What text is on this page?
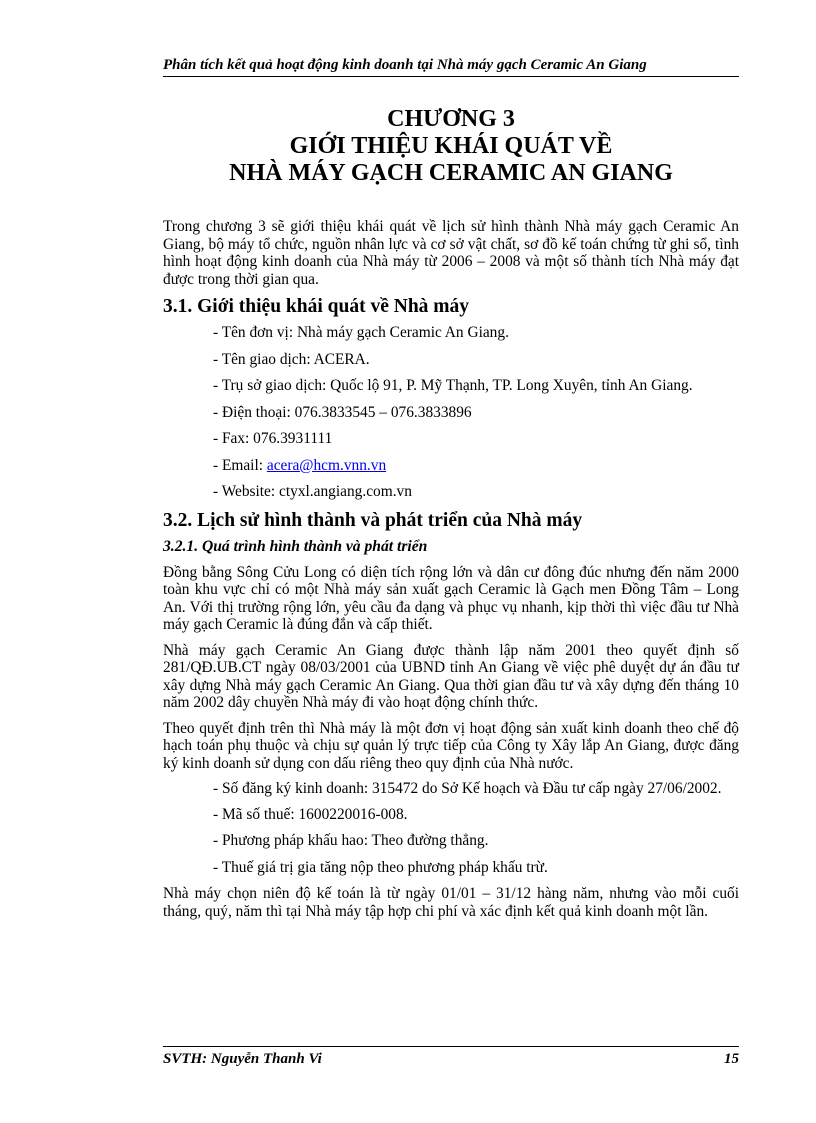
Phân tích kết quả hoạt động kinh doanh tại Nhà máy gạch Ceramic An Giang
CHƯƠNG 3
GIỚI THIỆU KHÁI QUÁT VỀ
NHÀ MÁY GẠCH CERAMIC AN GIANG

Trong chương 3 sẽ giới thiệu khái quát về lịch sử hình thành Nhà máy gạch Ceramic An Giang, bộ máy tổ chức, nguồn nhân lực và cơ sở vật chất, sơ đồ kế toán chứng từ ghi sổ, tình hình hoạt động kinh doanh của Nhà máy từ 2006 – 2008 và một số thành tích Nhà máy đạt được trong thời gian qua.

3.1. Giới thiệu khái quát về Nhà máy
- Tên đơn vị: Nhà máy gạch Ceramic An Giang.
- Tên giao dịch: ACERA.
- Trụ sở giao dịch: Quốc lộ 91, P. Mỹ Thạnh, TP. Long Xuyên, tỉnh An Giang.
- Điện thoại: 076.3833545 – 076.3833896
- Fax: 076.3931111
- Email: acera@hcm.vnn.vn
- Website: ctyxl.angiang.com.vn
3.2. Lịch sử hình thành và phát triển của Nhà máy
3.2.1. Quá trình hình thành và phát triển

Đồng bằng Sông Cửu Long có diện tích rộng lớn và dân cư đông đúc nhưng đến năm 2000 toàn khu vực chỉ có một Nhà máy sản xuất gạch Ceramic là Gạch men Đồng Tâm – Long An. Với thị trường rộng lớn, yêu cầu đa dạng và phục vụ nhanh, kịp thời thì việc đầu tư Nhà máy gạch Ceramic là đúng đắn và cấp thiết.

Nhà máy gạch Ceramic An Giang được thành lập năm 2001 theo quyết định số 281/QĐ.UB.CT ngày 08/03/2001 của UBND tỉnh An Giang về việc phê duyệt dự án đầu tư xây dựng Nhà máy gạch Ceramic An Giang. Qua thời gian đầu tư và xây dựng đến tháng 10 năm 2002 dây chuyền Nhà máy đi vào hoạt động chính thức.

Theo quyết định trên thì Nhà máy là một đơn vị hoạt động sản xuất kinh doanh theo chế độ hạch toán phụ thuộc và chịu sự quản lý trực tiếp của Công ty Xây lắp An Giang, được đăng ký kinh doanh sử dụng con dấu riêng theo quy định của Nhà nước.

- Số đăng ký kinh doanh: 315472 do Sở Kế hoạch và Đầu tư cấp ngày 27/06/2002.

- Mã số thuế: 1600220016-008.
- Phương pháp khấu hao: Theo đường thẳng.
- Thuế giá trị gia tăng nộp theo phương pháp khấu trừ.

Nhà máy chọn niên độ kế toán là từ ngày 01/01 – 31/12 hàng năm, nhưng vào mỗi cuối tháng, quý, năm thì tại Nhà máy tập hợp chi phí và xác định kết quả kinh doanh một lần.

SVTH: Nguyễn Thanh Vi	15
